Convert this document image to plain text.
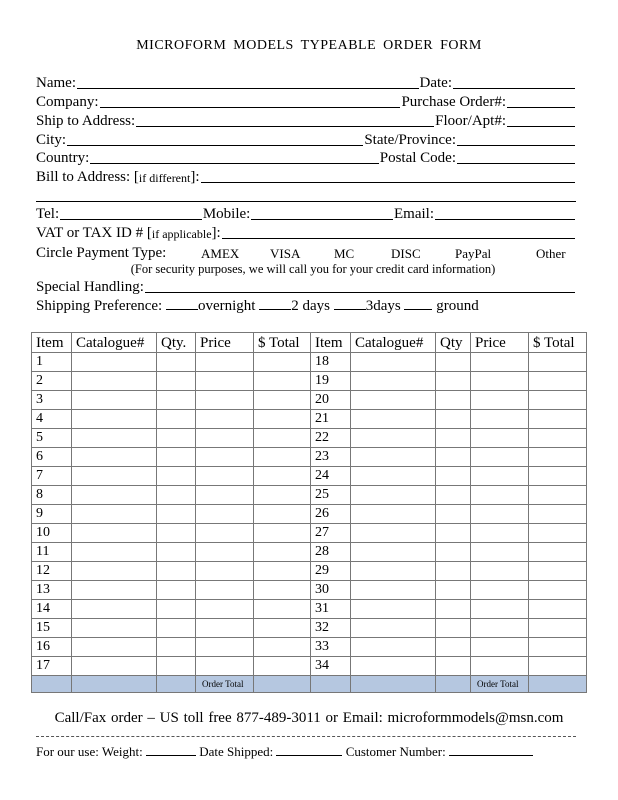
MICROFORM MODELS TYPEABLE ORDER FORM
Name:	Date:
Company:	Purchase Order#:
Ship to Address:	Floor/Apt#:
City:	State/Province:
Country:	Postal Code:
Bill to Address: [ if different ]:
Tel:	Mobile:	Email:
VAT or TAX ID # [ if applicable ]:
Circle Payment Type:	AMEX VISA	MC	DISC	PayPal	Other
(For security purposes, we will call you for your credit card information)
Special Handling:
Shipping Preference: overnight 2 days 3days ground
Item	Catalogue#	Qty.	Price	$ Total	Item	Catalogue#	Qty	Price	$ Total
1					18				
2					19				
3					20				
4					21				
5					22				
6					23				
7					24				
8					25				
9					26				
10					27				
11					28				
12					29				
13					30				
14					31				
15					32				
16					33				
17					34				
			Order Total					Order Total	
Call/Fax order – US toll free 877-489-3011 or Email: microformmodels@msn.com
For our use: Weight:	Date Shipped:	Customer Number:
